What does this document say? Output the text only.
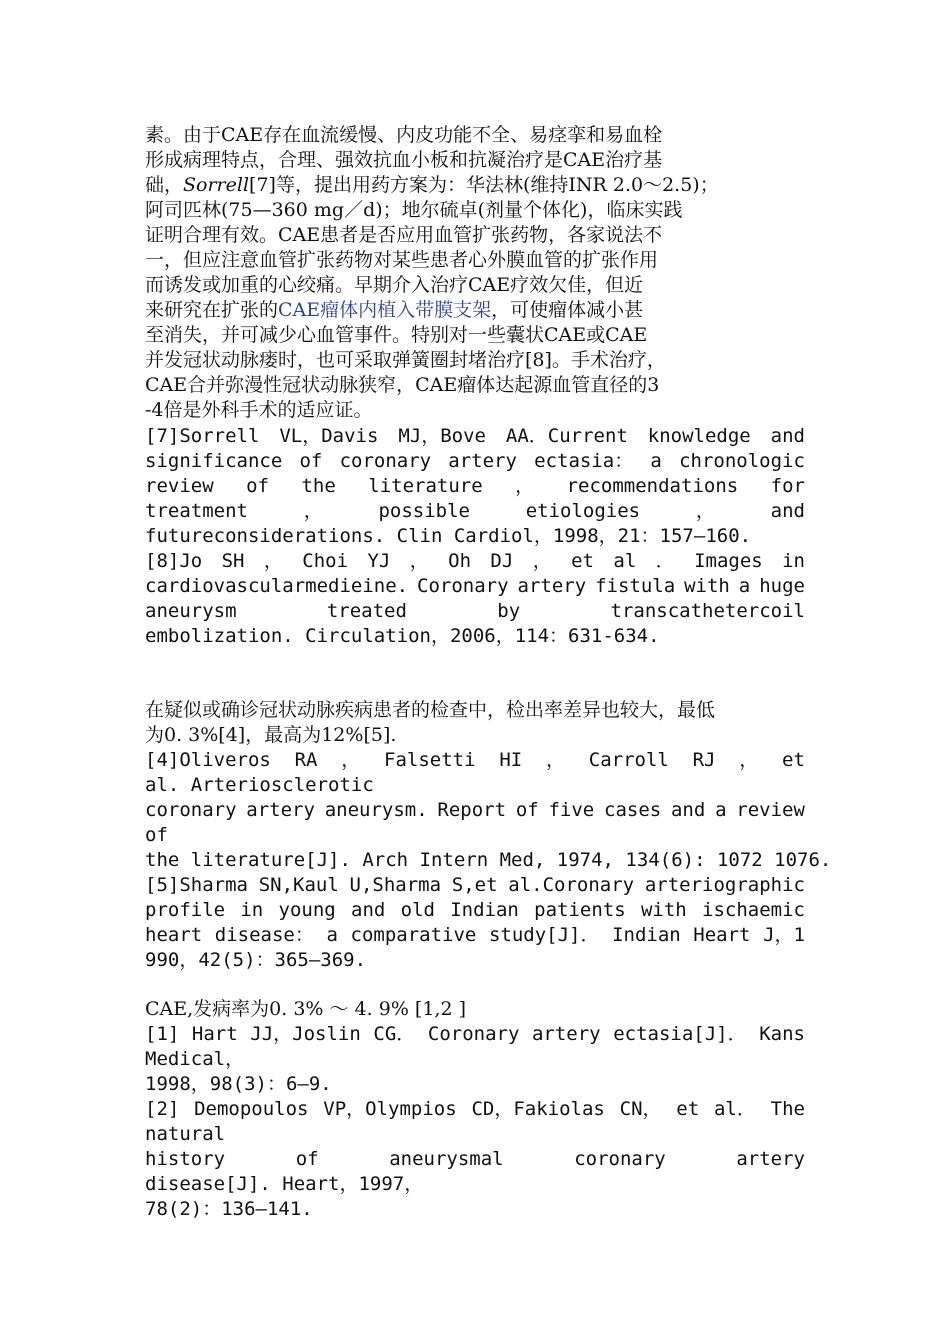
素。由于CAE存在血流缓慢、内皮功能不全、易痉挛和易血栓

形成病理特点，合理、强效抗血小板和抗凝治疗是CAE治疗基

础，Sorrell[7]等，提出用药方案为：华法林(维持INR 2.0～2.5)；

阿司匹林(75—360 mg／d)；地尔硫卓(剂量个体化)，临床实践

证明合理有效。CAE患者是否应用血管扩张药物，各家说法不

一，但应注意血管扩张药物对某些患者心外膜血管的扩张作用

而诱发或加重的心绞痛。早期介入治疗CAE疗效欠佳，但近

来研究在扩张的CAE瘤体内植入带膜支架，可使瘤体减小甚

至消失，并可减少心血管事件。特别对一些囊状CAE或CAE

并发冠状动脉瘘时，也可采取弹簧圈封堵治疗[8]。手术治疗，

CAE合并弥漫性冠状动脉狭窄，CAE瘤体达起源血管直径的3

-4倍是外科手术的适应证。

[7]Sorrell VL，Davis MJ，Bove AA．Current knowledge and
significance of coronary artery ectasia： a chronologic
review of the literature ， recommendations for
treatment	，	possible	etiologies	，	and

futureconsiderations. Clin Cardiol，1998，21：157—160.

[8]Jo SH ， Choi YJ ， Oh DJ ， et al ． Images in
cardiovascularmedieine. Coronary artery fistula with a huge
aneurysm	treated	by	transcathetercoil

embolization. Circulation，2006，114：631-634.

在疑似或确诊冠状动脉疾病患者的检查中，检出率差异也较大，最低

为0. 3%[4]，最高为12%[5].

[4]Oliveros RA ， Falsetti HI ， Carroll RJ ， et

al. Arteriosclerotic

coronary artery aneurysm. Report of five cases and a review

of

the literature[J]. Arch Intern Med, 1974, 134(6): 1072 1076.

[5]Sharma SN,Kaul U,Sharma S,et al.Coronary arteriographic
profile in young and old Indian patients with ischaemic
heart disease： a comparative study[J]． Indian Heart J，1

990，42(5)：365—369.

CAE,发病率为0. 3% ～ 4. 9% [1,2 ]

[1] Hart JJ，Joslin CG． Coronary artery ectasia[J]． Kans

Medical，

1998，98(3)：6—9.

[2] Demopoulos VP，Olympios CD，Fakiolas CN， et al． The

natural

history	of	aneurysmal	coronary	artery

disease[J]. Heart，1997，

78(2)：136—141.
